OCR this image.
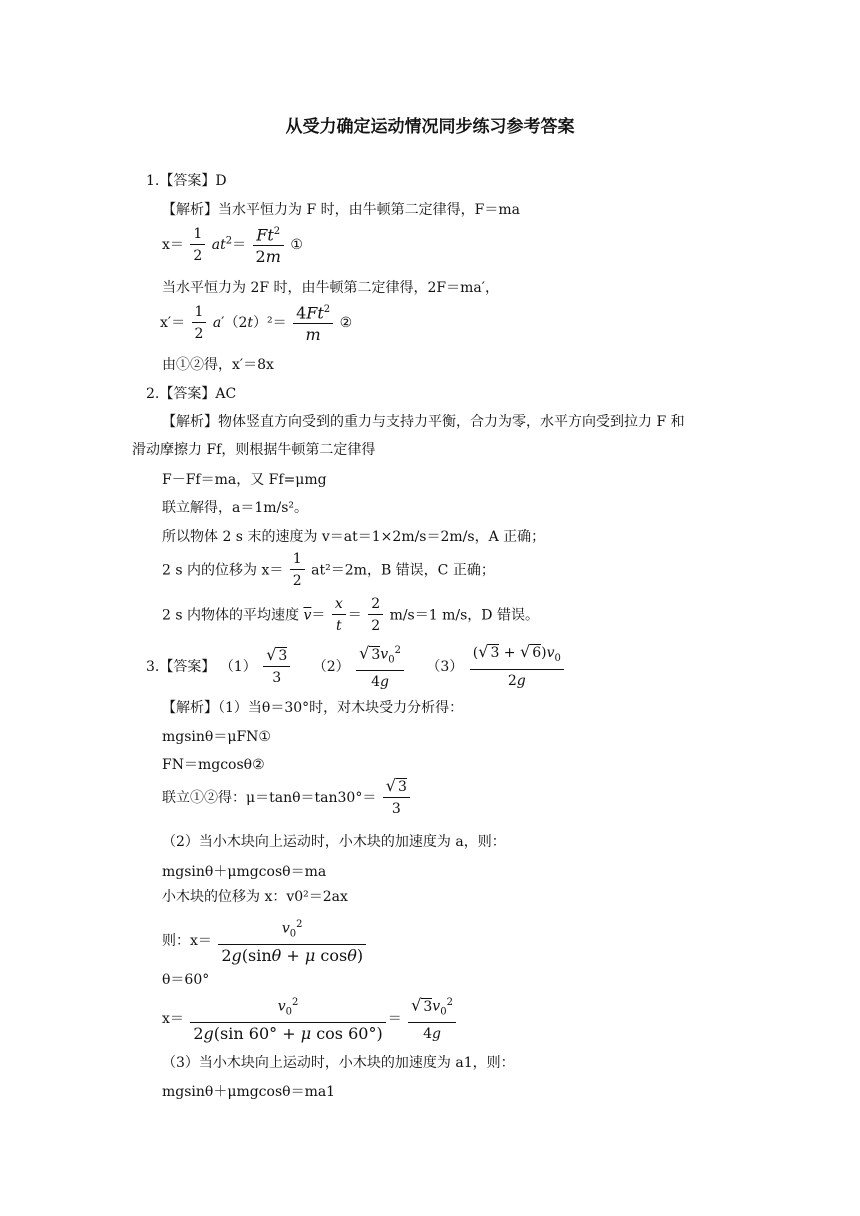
从受力确定运动情况同步练习参考答案
1.【答案】D
【解析】当水平恒力为 F 时，由牛顿第二定律得，F＝ma
$x= \frac{1}{2} at^2= \frac{Ft^2}{2m}$ ①
当水平恒力为 2F 时，由牛顿第二定律得，2F＝ma′，
$x'= \frac{1}{2} a'(2t)^2= \frac{4Ft^2}{m}$ ②
由①②得，x′＝8x
2.【答案】AC
【解析】物体竖直方向受到的重力与支持力平衡，合力为零，水平方向受到拉力 F 和
滑动摩擦力 Ff，则根据牛顿第二定律得
F－Ff＝ma，又 Ff=μmg
联立解得，a＝1m/s²。
所以物体 2 s 末的速度为 v＝at＝1×2m/s＝2m/s，A 正确；
2 s 内的位移为 $x= \frac{1}{2} at^2=2m$，B 错误，C 正确；
2 s 内物体的平均速度 $\overline{v}= \frac{x}{t} = \frac{2}{2} m/s=1$ m/s，D 错误。
3.【答案】 $(1) \frac{√ 3}{3} (2) \frac{√ 3v_0^2}{4g} (3) \frac{(√ 3 + √ 6)v_0}{2g}$
【解析】（1）当θ＝30°时，对木块受力分析得：
mgsinθ＝μFN①
FN＝mgcosθ②
联立①②得：$\mu=\tan\theta=\tan 30^\circ= \frac{√ 3}{3}$
（2）当小木块向上运动时，小木块的加速度为 a，则：
mgsinθ＋μmgcosθ＝ma
小木块的位移为 x：v0²＝2ax
则：$x= \frac{v_0^2}{\text{2g(sinθ + μ cosθ)}}$
θ＝60°
$x= \frac{v_0^2}{\text{2g(sin 60° + μ cos 60°)}} = \frac{√ 3v_0^2}{4g}$
（3）当小木块向上运动时，小木块的加速度为 a1，则：
mgsinθ＋μmgcosθ＝ma1
